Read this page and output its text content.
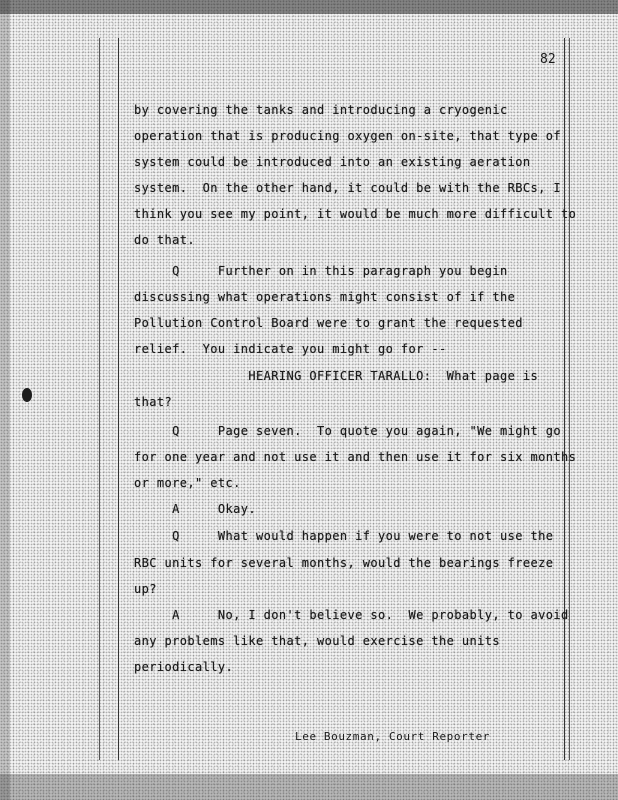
82
by covering the tanks and introducing a cryogenic
operation that is producing oxygen on-site, that type of
system could be introduced into an existing aeration
system.  On the other hand, it could be with the RBCs, I
think you see my point, it would be much more difficult to
do that.
Q     Further on in this paragraph you begin
discussing what operations might consist of if the
Pollution Control Board were to grant the requested
relief.  You indicate you might go for --
HEARING OFFICER TARALLO:  What page is
that?
Q     Page seven.  To quote you again, "We might go
for one year and not use it and then use it for six months
or more," etc.
A     Okay.
Q     What would happen if you were to not use the
RBC units for several months, would the bearings freeze
up?
A     No, I don't believe so.  We probably, to avoid
any problems like that, would exercise the units
periodically.
Lee Bouzman, Court Reporter
